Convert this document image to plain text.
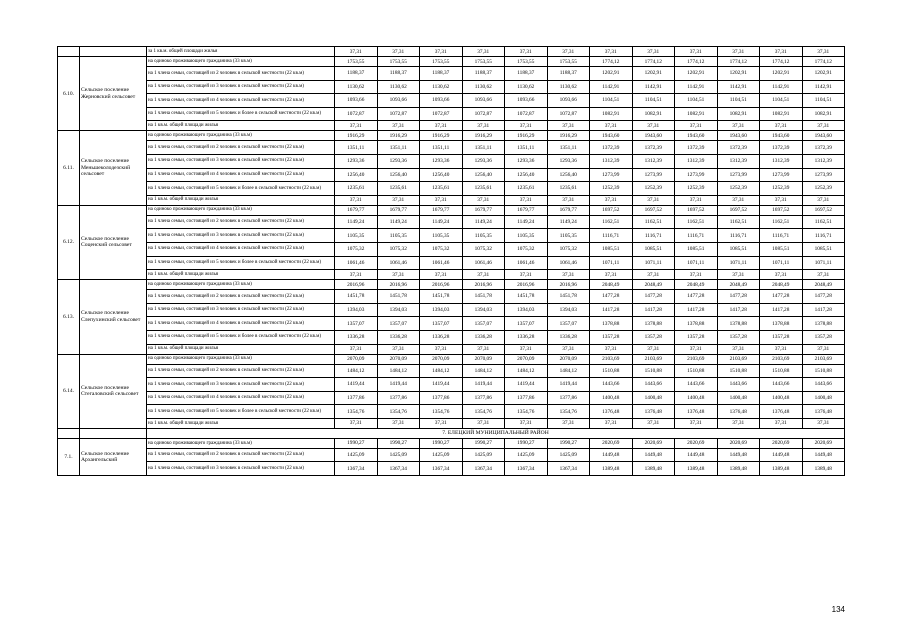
		за 1 кв.м. общей площади жилья	37,31	37,31	37,31	37,31	37,31	37,31	37,31	37,31	37,31	37,31	37,31	37,31
6.10.	Сельское поселение Жерновский сельсовет	на одиноко проживающего гражданина (33 кв.м)	1753,55	1753,55	1753,55	1753,55	1753,55	1753,55	1774,12	1774,12	1774,12	1774,12	1774,12	1774,12
		на 1 члена семьи, состоящей из 2 человек в сельской местности (22 кв.м)	1188,37	1188,37	1188,37	1188,37	1188,37	1188,37	1202,91	1202,91	1202,91	1202,91	1202,91	1202,91
		на 1 члена семьи, состоящей из 3 человек в сельской местности (22 кв.м)	1130,62	1130,62	1130,62	1130,62	1130,62	1130,62	1142,91	1142,91	1142,91	1142,91	1142,91	1142,91
		на 1 члена семьи, состоящей из 4 человек в сельской местности (22 кв.м)	1093,66	1093,66	1093,66	1093,66	1093,66	1093,66	1104,51	1104,51	1104,51	1104,51	1104,51	1104,51
		на 1 члена семьи, состоящей из 5 человек и более в сельской местности (22 кв.м)	1072,87	1072,87	1072,87	1072,87	1072,87	1072,87	1082,91	1082,91	1082,91	1082,91	1082,91	1082,91
		на 1 кв.м. общей площади жилья	37,31	37,31	37,31	37,31	37,31	37,31	37,31	37,31	37,31	37,31	37,31	37,31
6.11.	Сельское поселение Меньшеколодезский сельсовет	на одиноко проживающего гражданина (33 кв.м)	1916,29	1916,29	1916,29	1916,29	1916,29	1916,29	1943,60	1943,60	1943,60	1943,60	1943,60	1943,60
		на 1 члена семьи, состоящей из 2 человек в сельской местности (22 кв.м)	1351,11	1351,11	1351,11	1351,11	1351,11	1351,11	1372,39	1372,39	1372,39	1372,39	1372,39	1372,39
		на 1 члена семьи, состоящей из 3 человек в сельской местности (22 кв.м)	1293,36	1293,36	1293,36	1293,36	1293,36	1293,36	1312,39	1312,39	1312,39	1312,39	1312,39	1312,39
		на 1 члена семьи, состоящей из 4 человек в сельской местности (22 кв.м)	1256,40	1256,40	1256,40	1256,40	1256,40	1256,40	1273,99	1273,99	1273,99	1273,99	1273,99	1273,99
		на 1 члена семьи, состоящей из 5 человек и более в сельской местности (22 кв.м)	1235,61	1235,61	1235,61	1235,61	1235,61	1235,61	1252,39	1252,39	1252,39	1252,39	1252,39	1252,39
		на 1 кв.м. общей площади жилья	37,31	37,31	37,31	37,31	37,31	37,31	37,31	37,31	37,31	37,31	37,31	37,31
6.12.	Сельское поселение Соценский сельсовет	на одиноко проживающего гражданина (33 кв.м)	1679,77	1679,77	1679,77	1679,77	1679,77	1679,77	1697,52	1697,52	1697,52	1697,52	1697,52	1697,52
		на 1 члена семьи, состоящей из 2 человек в сельской местности (22 кв.м)	1149,24	1149,24	1149,24	1149,24	1149,24	1149,24	1162,51	1162,51	1162,51	1162,51	1162,51	1162,51
		на 1 члена семьи, состоящей из 3 человек в сельской местности (22 кв.м)	1105,35	1105,35	1105,35	1105,35	1105,35	1105,35	1116,71	1116,71	1116,71	1116,71	1116,71	1116,71
		на 1 члена семьи, состоящей из 4 человек в сельской местности (22 кв.м)	1075,32	1075,32	1075,32	1075,32	1075,32	1075,32	1085,51	1085,51	1085,51	1085,51	1085,51	1085,51
		на 1 члена семьи, состоящей из 5 человек и более в сельской местности (22 кв.м)	1061,46	1061,46	1061,46	1061,46	1061,46	1061,46	1071,11	1071,11	1071,11	1071,11	1071,11	1071,11
		на 1 кв.м. общей площади жилья	37,31	37,31	37,31	37,31	37,31	37,31	37,31	37,31	37,31	37,31	37,31	37,31
6.13.	Сельское поселение Слепухинский сельсовет	на одиноко проживающего гражданина (33 кв.м)	2016,96	2016,96	2016,96	2016,96	2016,96	2016,96	2048,49	2048,49	2048,49	2048,49	2048,49	2048,49
		на 1 члена семьи, состоящей из 2 человек в сельской местности (22 кв.м)	1451,78	1451,78	1451,78	1451,78	1451,78	1451,78	1477,28	1477,28	1477,28	1477,28	1477,28	1477,28
		на 1 члена семьи, состоящей из 3 человек в сельской местности (22 кв.м)	1394,03	1394,03	1394,03	1394,03	1394,03	1394,03	1417,28	1417,28	1417,28	1417,28	1417,28	1417,28
		на 1 члена семьи, состоящей из 4 человек в сельской местности (22 кв.м)	1357,07	1357,07	1357,07	1357,07	1357,07	1357,07	1378,88	1378,88	1378,88	1378,88	1378,88	1378,88
		на 1 члена семьи, состоящей из 5 человек и более в сельской местности (22 кв.м)	1336,28	1336,28	1336,28	1336,28	1336,28	1336,28	1357,28	1357,28	1357,28	1357,28	1357,28	1357,28
		на 1 кв.м. общей площади жилья	37,31	37,31	37,31	37,31	37,31	37,31	37,31	37,31	37,31	37,31	37,31	37,31
6.14.	Сельское поселение Стегаловский сельсовет	на одиноко проживающего гражданина (33 кв.м)	2070,09	2070,09	2070,09	2070,09	2070,09	2070,09	2103,69	2103,69	2103,69	2103,69	2103,69	2103,69
		на 1 члена семьи, состоящей из 2 человек в сельской местности (22 кв.м)	1484,12	1484,12	1484,12	1484,12	1484,12	1484,12	1510,88	1510,88	1510,88	1510,88	1510,88	1510,88
		на 1 члена семьи, состоящей из 3 человек в сельской местности (22 кв.м)	1419,44	1419,44	1419,44	1419,44	1419,44	1419,44	1443,66	1443,66	1443,66	1443,66	1443,66	1443,66
		на 1 члена семьи, состоящей из 4 человек в сельской местности (22 кв.м)	1377,86	1377,86	1377,86	1377,86	1377,86	1377,86	1400,48	1400,48	1400,48	1400,48	1400,48	1400,48
		на 1 члена семьи, состоящей из 5 человек и более в сельской местности (22 кв.м)	1354,76	1354,76	1354,76	1354,76	1354,76	1354,76	1376,48	1376,48	1376,48	1376,48	1376,48	1376,48
		на 1 кв.м. общей площади жилья	37,31	37,31	37,31	37,31	37,31	37,31	37,31	37,31	37,31	37,31	37,31	37,31
		7. ЕЛЕЦКИЙ МУНИЦИПАЛЬНЫЙ РАЙОН												
7.1.	Сельское поселение Архангельский	на одиноко проживающего гражданина (33 кв.м)	1990,27	1990,27	1990,27	1990,27	1990,27	1990,27	2020,69	2020,69	2020,69	2020,69	2020,69	2020,69
		на 1 члена семьи, состоящей из 2 человек в сельской местности (22 кв.м)	1425,09	1425,09	1425,09	1425,09	1425,09	1425,09	1449,48	1449,48	1449,48	1449,48	1449,48	1449,48
		на 1 члена семьи, состоящей из 3 человек в сельской местности (22 кв.м)	1367,34	1367,34	1367,34	1367,34	1367,34	1367,34	1389,48	1389,48	1389,48	1389,48	1389,48	1389,48
134
